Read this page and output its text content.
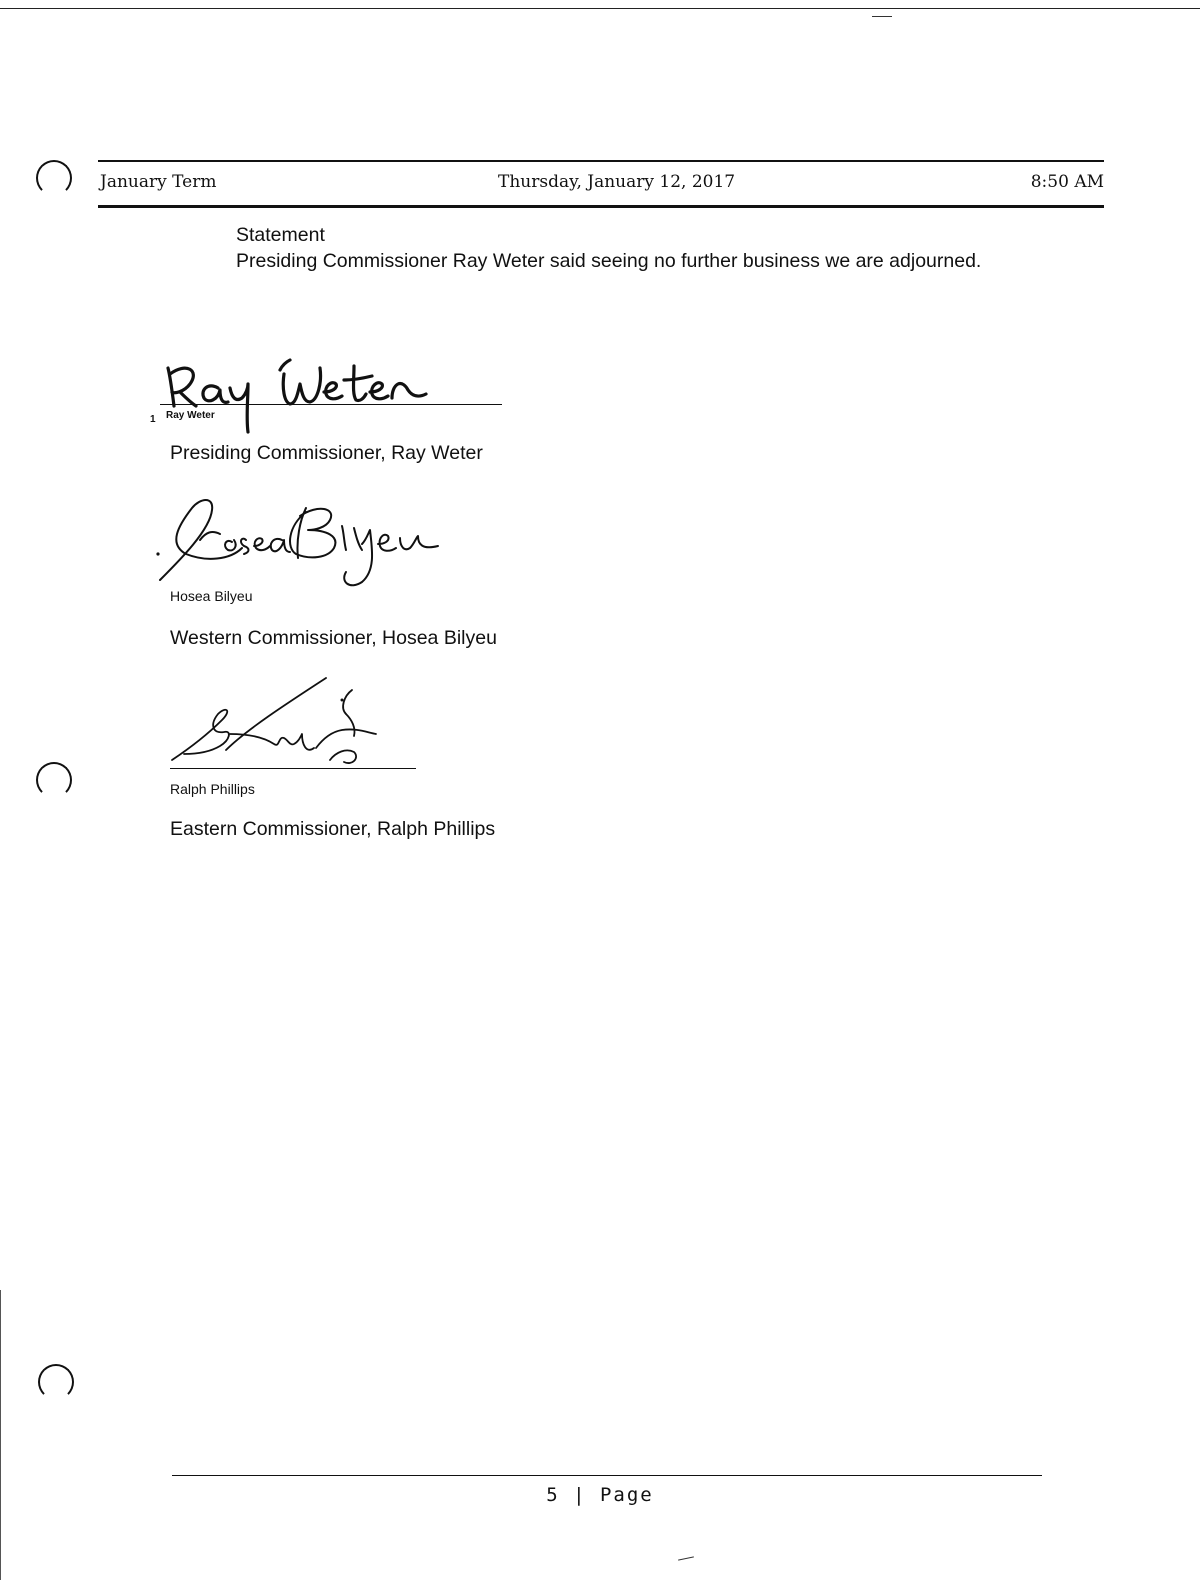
January Term	Thursday, January 12, 2017	8:50 AM
Statement
Presiding Commissioner Ray Weter said seeing no further business we are adjourned.
1 Ray Weter
Presiding Commissioner, Ray Weter
Hosea Bilyeu
Western Commissioner, Hosea Bilyeu
Ralph Phillips
Eastern Commissioner, Ralph Phillips
5 | Page
